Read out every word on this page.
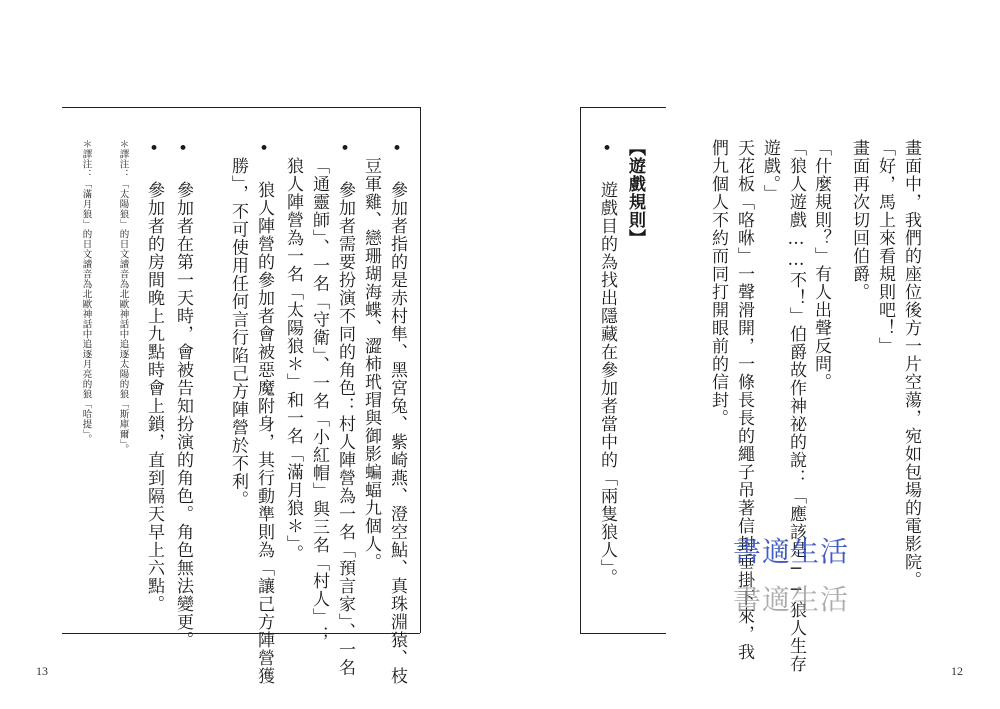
• 參加者指的是赤村隼、黑宮兔、紫崎燕、澄空鮎、真珠淵猿、枝
豆軍雞、戀珊瑚海蝶、澀柿玳瑁與御影蝙蝠九個人。
• 參加者需要扮演不同的角色：村人陣營為一名「預言家」、一名
「通靈師」、一名「守衛」、一名「小紅帽」與三名「村人」；
狼人陣營為一名「太陽狼＊」和一名「滿月狼＊」。
• 狼人陣營的參加者會被惡魔附身，其行動準則為「讓己方陣營獲
勝」，不可使用任何言行陷己方陣營於不利。
• 參加者在第一天時，會被告知扮演的角色。角色無法變更。
• 參加者的房間晚上九點時會上鎖，直到隔天早上六點。
＊譯注：「太陽狼」的日文讀音為北歐神話中追逐太陽的狼「斯庫爾」。
＊譯注：「滿月狼」的日文讀音為北歐神話中追逐月亮的狼「哈提」。
13
畫面中，我們的座位後方一片空蕩，宛如包場的電影院。
「好，馬上來看規則吧！」
畫面再次切回伯爵。
「什麼規則？」有人出聲反問。
「狼人遊戲……不！」伯爵故作神祕的說：「應該是──狼人生存
遊戲。」
天花板「咯咻」一聲滑開，一條長長的繩子吊著信封垂掛下來，我
們九個人不約而同打開眼前的信封。
【遊戲規則】
• 遊戲目的為找出隱藏在參加者當中的「兩隻狼人」。
12
書適生活
書適生活
